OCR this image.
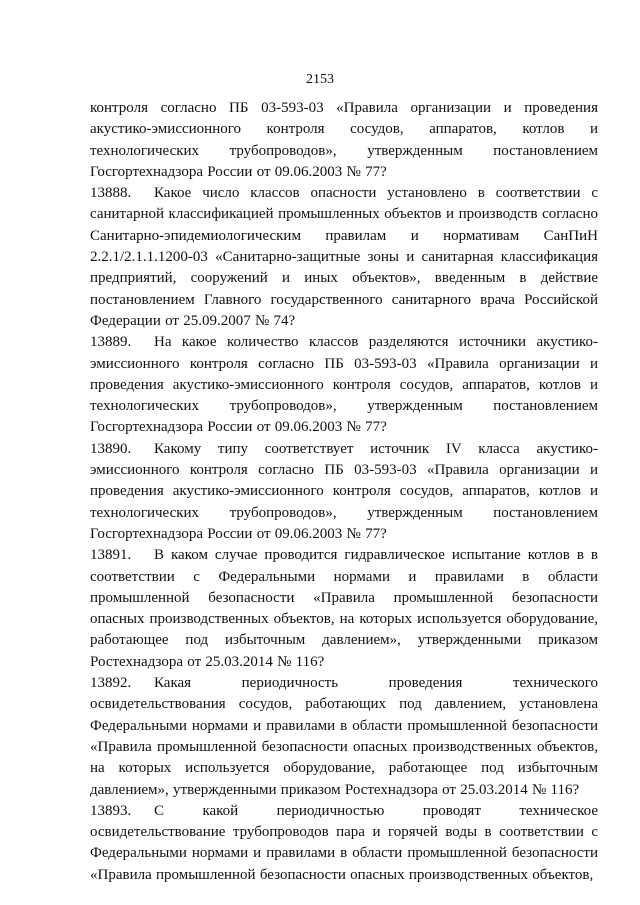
2153

контроля согласно ПБ 03-593-03 «Правила организации и проведения акустико-эмиссионного контроля сосудов, аппаратов, котлов и технологических трубопроводов», утвержденным постановлением Госгортехнадзора России от 09.06.2003 № 77?

13888. Какое число классов опасности установлено в соответствии с санитарной классификацией промышленных объектов и производств согласно Санитарно-эпидемиологическим правилам и нормативам СанПиН 2.2.1/2.1.1.1200-03 «Санитарно-защитные зоны и санитарная классификация предприятий, сооружений и иных объектов», введенным в действие постановлением Главного государственного санитарного врача Российской Федерации от 25.09.2007 № 74?

13889. На какое количество классов разделяются источники акустико-эмиссионного контроля согласно ПБ 03-593-03 «Правила организации и проведения акустико-эмиссионного контроля сосудов, аппаратов, котлов и технологических трубопроводов», утвержденным постановлением Госгортехнадзора России от 09.06.2003 № 77?

13890. Какому типу соответствует источник IV класса акустико-эмиссионного контроля согласно ПБ 03-593-03 «Правила организации и проведения акустико-эмиссионного контроля сосудов, аппаратов, котлов и технологических трубопроводов», утвержденным постановлением Госгортехнадзора России от 09.06.2003 № 77?

13891. В каком случае проводится гидравлическое испытание котлов в в соответствии с Федеральными нормами и правилами в области промышленной безопасности «Правила промышленной безопасности опасных производственных объектов, на которых используется оборудование, работающее под избыточным давлением», утвержденными приказом Ростехнадзора от 25.03.2014 № 116?

13892. Какая периодичность проведения технического освидетельствования сосудов, работающих под давлением, установлена Федеральными нормами и правилами в области промышленной безопасности «Правила промышленной безопасности опасных производственных объектов, на которых используется оборудование, работающее под избыточным давлением», утвержденными приказом Ростехнадзора от 25.03.2014 № 116?

13893. С какой периодичностью проводят техническое освидетельствование трубопроводов пара и горячей воды в соответствии с Федеральными нормами и правилами в области промышленной безопасности «Правила промышленной безопасности опасных производственных объектов,
